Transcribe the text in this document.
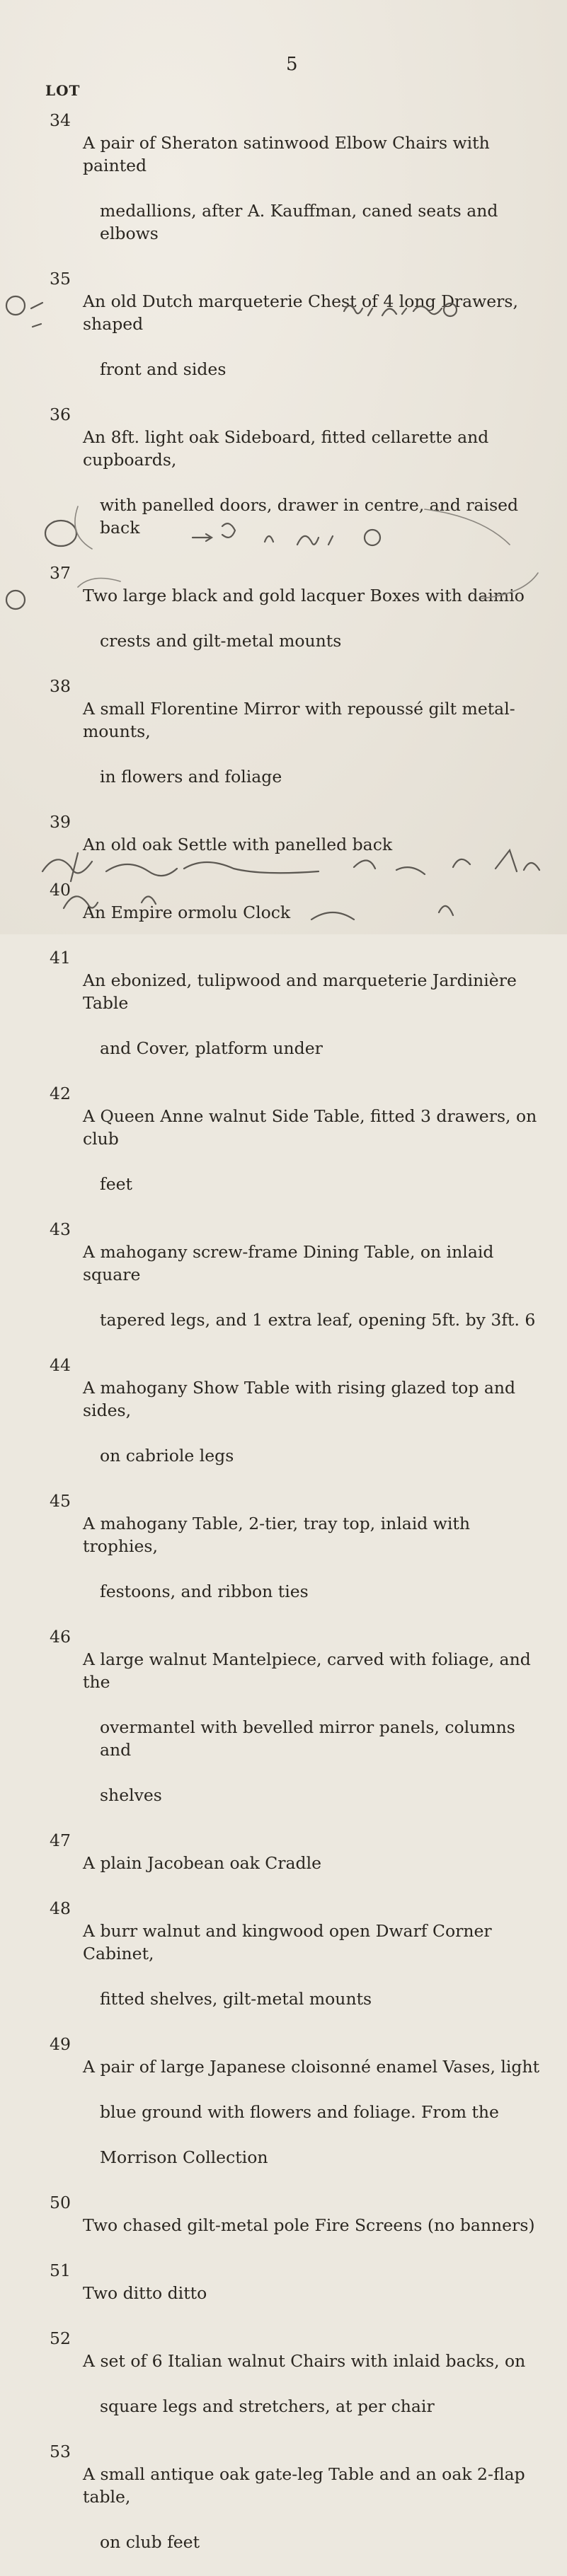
5
LOT
34

A pair of Sheraton satinwood Elbow Chairs with painted

medallions, after A. Kauffman, caned seats and elbows

35

An old Dutch marqueterie Chest of 4 long Drawers, shaped

front and sides

36

An 8ft. light oak Sideboard, fitted cellarette and cupboards,

with panelled doors, drawer in centre, and raised back

37

Two large black and gold lacquer Boxes with daimio

crests and gilt-metal mounts

38

A small Florentine Mirror with repoussé gilt metal-mounts,

in flowers and foliage

39

An old oak Settle with panelled back

40

An Empire ormolu Clock

41

An ebonized, tulipwood and marqueterie Jardinière Table

and Cover, platform under

42

A Queen Anne walnut Side Table, fitted 3 drawers, on club

feet

43

A mahogany screw-frame Dining Table, on inlaid square

tapered legs, and 1 extra leaf, opening 5ft. by 3ft. 6

44

A mahogany Show Table with rising glazed top and sides,

on cabriole legs

45

A mahogany Table, 2-tier, tray top, inlaid with trophies,

festoons, and ribbon ties

46

A large walnut Mantelpiece, carved with foliage, and the

overmantel with bevelled mirror panels, columns and

shelves

47

A plain Jacobean oak Cradle

48

A burr walnut and kingwood open Dwarf Corner Cabinet,

fitted shelves, gilt-metal mounts

49

A pair of large Japanese cloisonné enamel Vases, light

blue ground with flowers and foliage. From the

Morrison Collection

50

Two chased gilt-metal pole Fire Screens (no banners)

51

Two ditto ditto

52

A set of 6 Italian walnut Chairs with inlaid backs, on

square legs and stretchers, at per chair

53

A small antique oak gate-leg Table and an oak 2-flap table,

on club feet
